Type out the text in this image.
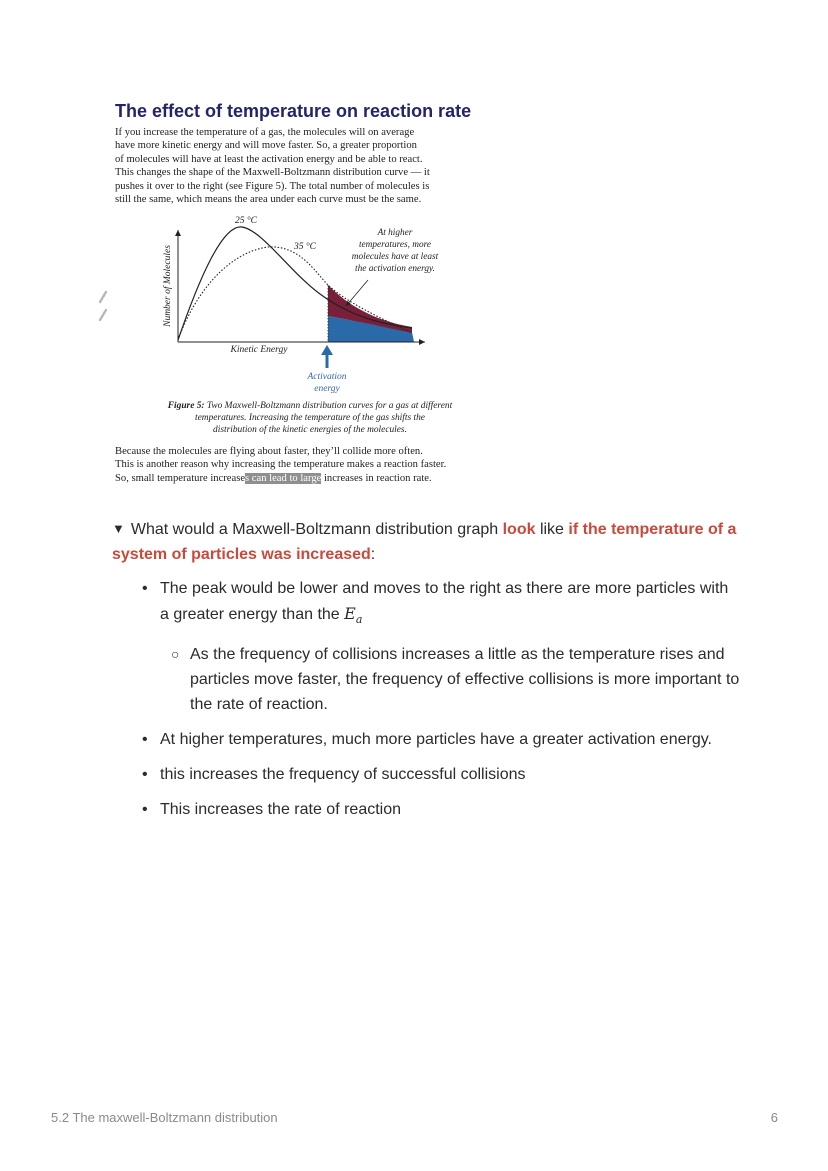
The effect of temperature on reaction rate
If you increase the temperature of a gas, the molecules will on average
have more kinetic energy and will move faster. So, a greater proportion
of molecules will have at least the activation energy and be able to react.
This changes the shape of the Maxwell-Boltzmann distribution curve — it
pushes it over to the right (see Figure 5). The total number of molecules is
still the same, which means the area under each curve must be the same.
Number of Molecules
Kinetic Energy
25 °C
35 °C
At higher
temperatures, more
molecules have at least
the activation energy.
Activation
energy
Figure 5: Two Maxwell-Boltzmann distribution curves for a gas at different
temperatures. Increasing the temperature of the gas shifts the
distribution of the kinetic energies of the molecules.
Because the molecules are flying about faster, they’ll collide more often.
This is another reason why increasing the temperature makes a reaction faster.
So, small temperature increases can lead to large increases in reaction rate.
▼ What would a Maxwell-Boltzmann distribution graph look like if the temperature of a system of particles was increased:
• The peak would be lower and moves to the right as there are more particles with a greater energy than the $E_a$
○ As the frequency of collisions increases a little as the temperature rises and particles move faster, the frequency of effective collisions is more important to the rate of reaction.
• At higher temperatures, much more particles have a greater activation energy.
• this increases the frequency of successful collisions
• This increases the rate of reaction
5.2 The maxwell-Boltzmann distribution	6
